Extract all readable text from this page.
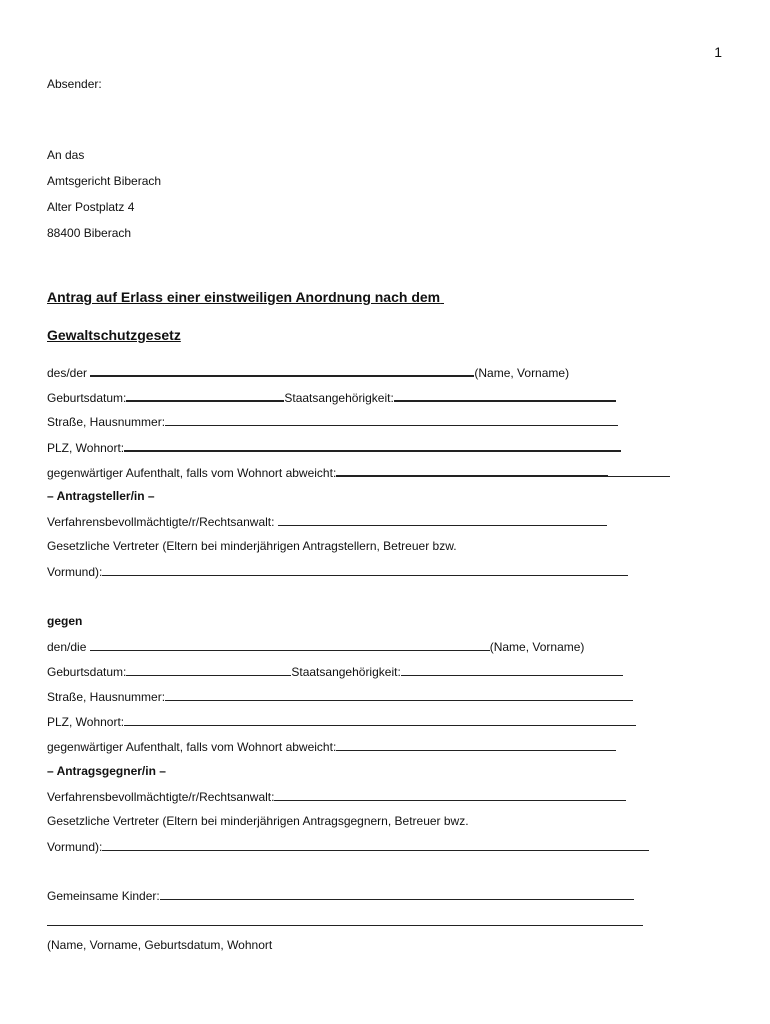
1
Absender:
An das
Amtsgericht Biberach
Alter Postplatz 4
88400 Biberach
Antrag auf Erlass einer einstweiligen Anordnung nach dem
Gewaltschutzgesetz
des/der	(Name, Vorname)
Geburtsdatum:	Staatsangehörigkeit:
Straße, Hausnummer:
PLZ, Wohnort:
gegenwärtiger Aufenthalt, falls vom Wohnort abweicht:
– Antragsteller/in –
Verfahrensbevollmächtigte/r/Rechtsanwalt:
Gesetzliche Vertreter (Eltern bei minderjährigen Antragstellern, Betreuer bzw.
Vormund):
gegen
den/die	(Name, Vorname)
Geburtsdatum:	Staatsangehörigkeit:
Straße, Hausnummer:
PLZ, Wohnort:
gegenwärtiger Aufenthalt, falls vom Wohnort abweicht:
– Antragsgegner/in –
Verfahrensbevollmächtigte/r/Rechtsanwalt:
Gesetzliche Vertreter (Eltern bei minderjährigen Antragsgegnern, Betreuer bwz.
Vormund):
Gemeinsame Kinder:
(Name, Vorname, Geburtsdatum, Wohnort
